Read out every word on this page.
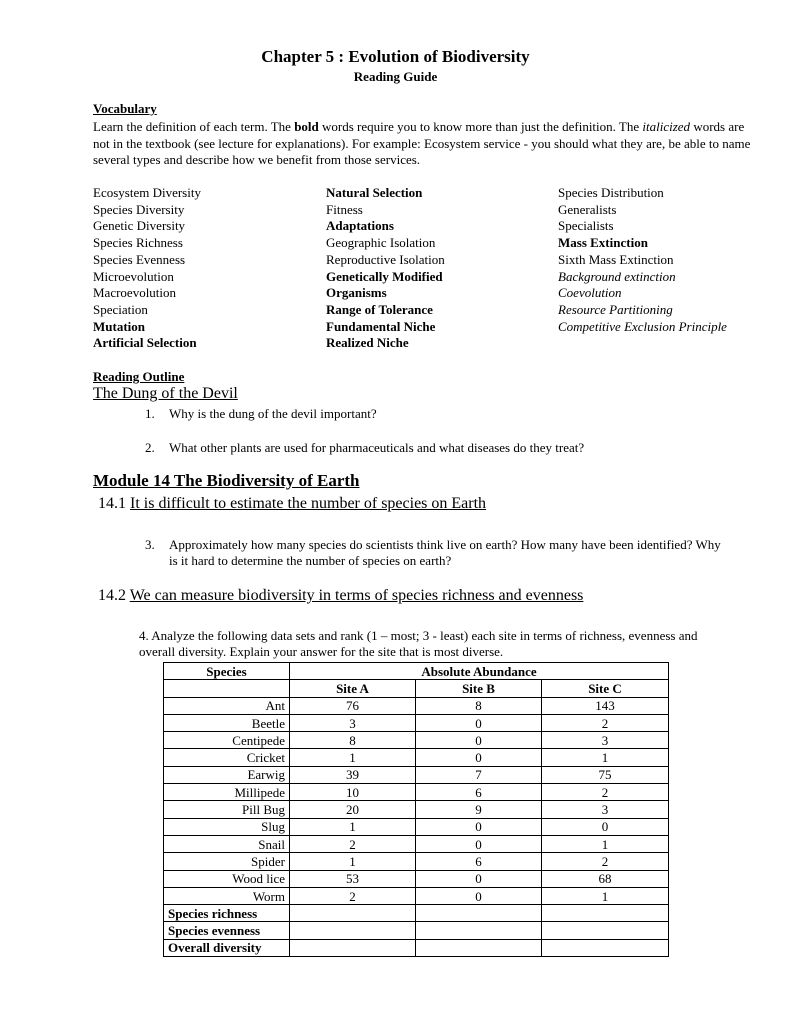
Chapter 5 : Evolution of Biodiversity
Reading Guide
Vocabulary
Learn the definition of each term. The bold words require you to know more than just the definition. The italicized words are not in the textbook (see lecture for explanations). For example: Ecosystem service - you should what they are, be able to name several types and describe how we benefit from those services.
Ecosystem Diversity
Species Diversity
Genetic Diversity
Species Richness
Species Evenness
Microevolution
Macroevolution
Speciation
Mutation
Artificial Selection
Natural Selection
Fitness
Adaptations
Geographic Isolation
Reproductive Isolation
Genetically Modified
Organisms
Range of Tolerance
Fundamental Niche
Realized Niche
Species Distribution
Generalists
Specialists
Mass Extinction
Sixth Mass Extinction
Background extinction
Coevolution
Resource Partitioning
Competitive Exclusion Principle
Reading Outline
The Dung of the Devil
1.	Why is the dung of the devil important?
2.	What other plants are used for pharmaceuticals and what diseases do they treat?
Module 14 The Biodiversity of Earth
14.1 It is difficult to estimate the number of species on Earth
3.	Approximately how many species do scientists think live on earth? How many have been identified? Why is it hard to determine the number of species on earth?
14.2 We can measure biodiversity in terms of species richness and evenness
4. Analyze the following data sets and rank (1 – most; 3 - least) each site in terms of richness, evenness and overall diversity. Explain your answer for the site that is most diverse.
Species	Absolute Abundance		
	Site A	Site B	Site C
Ant	76	8	143
Beetle	3	0	2
Centipede	8	0	3
Cricket	1	0	1
Earwig	39	7	75
Millipede	10	6	2
Pill Bug	20	9	3
Slug	1	0	0
Snail	2	0	1
Spider	1	6	2
Wood lice	53	0	68
Worm	2	0	1
Species richness			
Species evenness			
Overall diversity			
